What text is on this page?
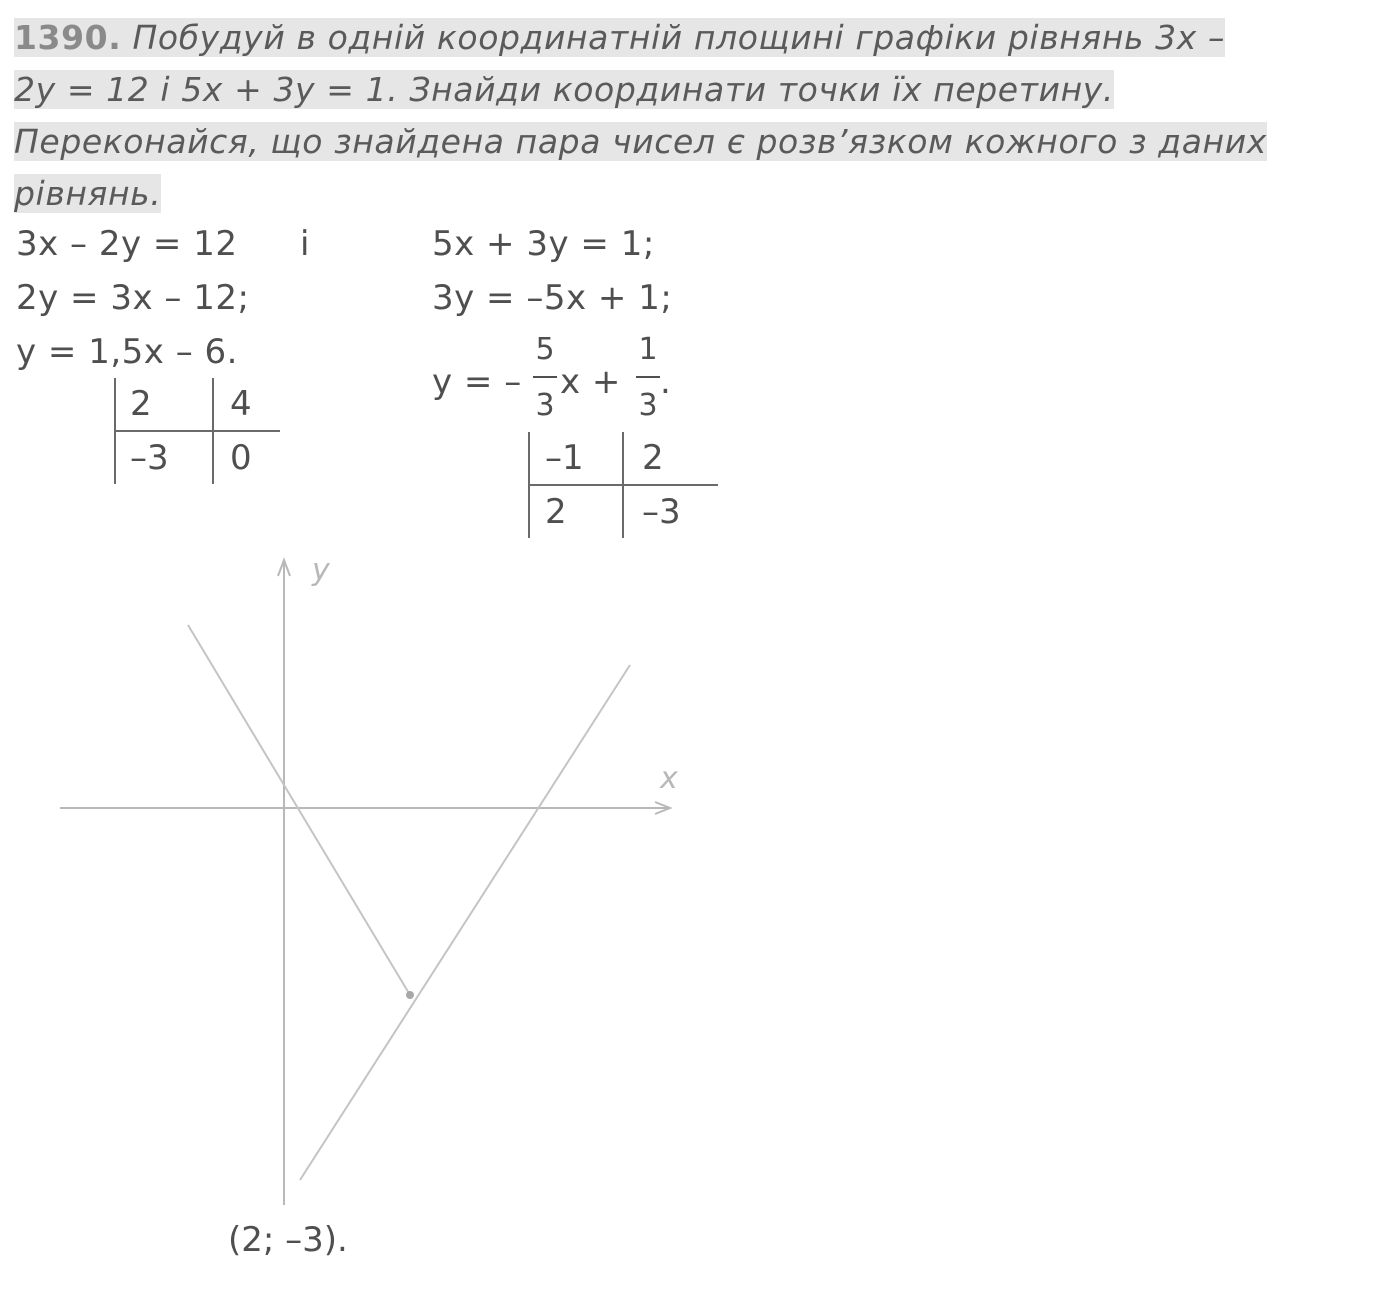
1390. Побудуй в одній координатній площині графіки рівнянь 3x –
2y = 12 і 5x + 3y = 1. Знайди координати точки їх перетину.
Переконайся, що знайдена пара чисел є розв’язком кожного з даних
рівнянь.
3x – 2y = 12 і
2y = 3x – 12;
y = 1,5x – 6.
2 4
–3 0
5x + 3y = 1;
3y = –5x + 1;
y = –
5
3
x +
1
3
.
–1 2
2 –3
y
x
(2; –3).
